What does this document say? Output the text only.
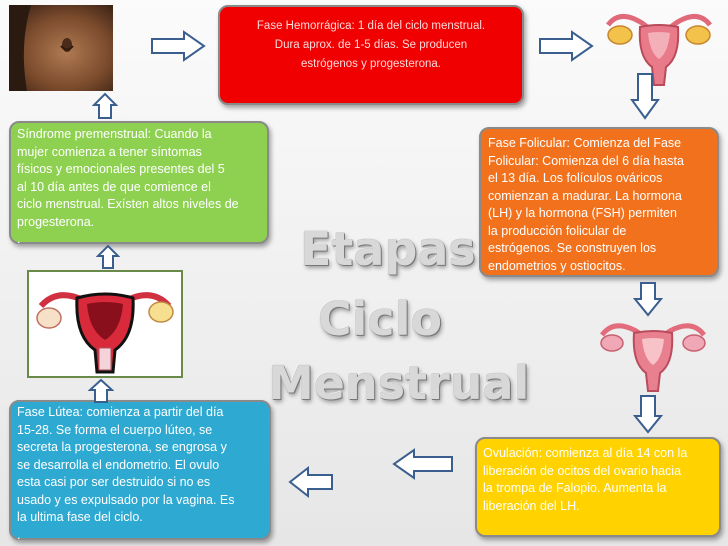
Fase Hemorrágica: 1 día del ciclo menstrual.
Dura aprox. de 1-5 días. Se producen
estrógenos y progesterona.
Síndrome premenstrual: Cuando la
mujer comienza a tener síntomas
físicos y emocionales presentes del 5
al 10 día antes de que comience el
ciclo menstrual. Exísten altos niveles de
progesterona.
.
Fase Folicular: Comienza del Fase
Folicular: Comienza del 6 día hasta
el 13 día. Los folículos ováricos
comienzan a madurar. La hormona
(LH) y la hormona (FSH) permiten
la producción folicular de
estrógenos. Se construyen los
endometrios y ostiocitos.
Fase Lútea: comienza a partir del día
15-28. Se forma el cuerpo lúteo, se
secreta la progesterona, se engrosa y
se desarrolla el endometrio. El ovulo
esta casi por ser destruido si no es
usado y es expulsado por la vagina. Es
la ultima fase del ciclo.
.
Ovulación: comienza al día 14 con la
liberación de ocitos del ovario hacia
la trompa de Falopio. Aumenta la
liberación del LH.
Etapas
Ciclo
Menstrual
